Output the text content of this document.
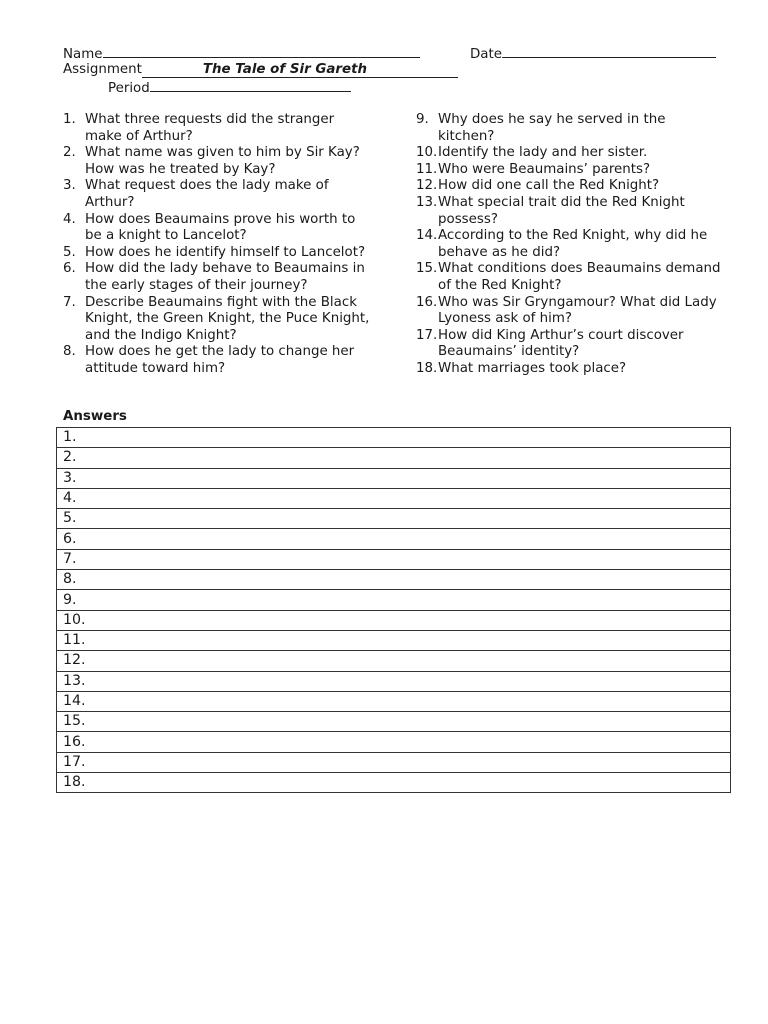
Name	Date
Assignment	The Tale of Sir Gareth
Period
1. What three requests did the stranger make of Arthur?
2. What name was given to him by Sir Kay? How was he treated by Kay?
3. What request does the lady make of Arthur?
4. How does Beaumains prove his worth to be a knight to Lancelot?
5. How does he identify himself to Lancelot?
6. How did the lady behave to Beaumains in the early stages of their journey?
7. Describe Beaumains fight with the Black Knight, the Green Knight, the Puce Knight, and the Indigo Knight?
8. How does he get the lady to change her attitude toward him?
9. Why does he say he served in the kitchen?
10. Identify the lady and her sister.
11. Who were Beaumains’ parents?
12. How did one call the Red Knight?
13. What special trait did the Red Knight possess?
14. According to the Red Knight, why did he behave as he did?
15. What conditions does Beaumains demand of the Red Knight?
16. Who was Sir Gryngamour? What did Lady Lyoness ask of him?
17. How did King Arthur’s court discover Beaumains’ identity?
18. What marriages took place?
Answers
1.
2.
3.
4.
5.
6.
7.
8.
9.
10.
11.
12.
13.
14.
15.
16.
17.
18.
